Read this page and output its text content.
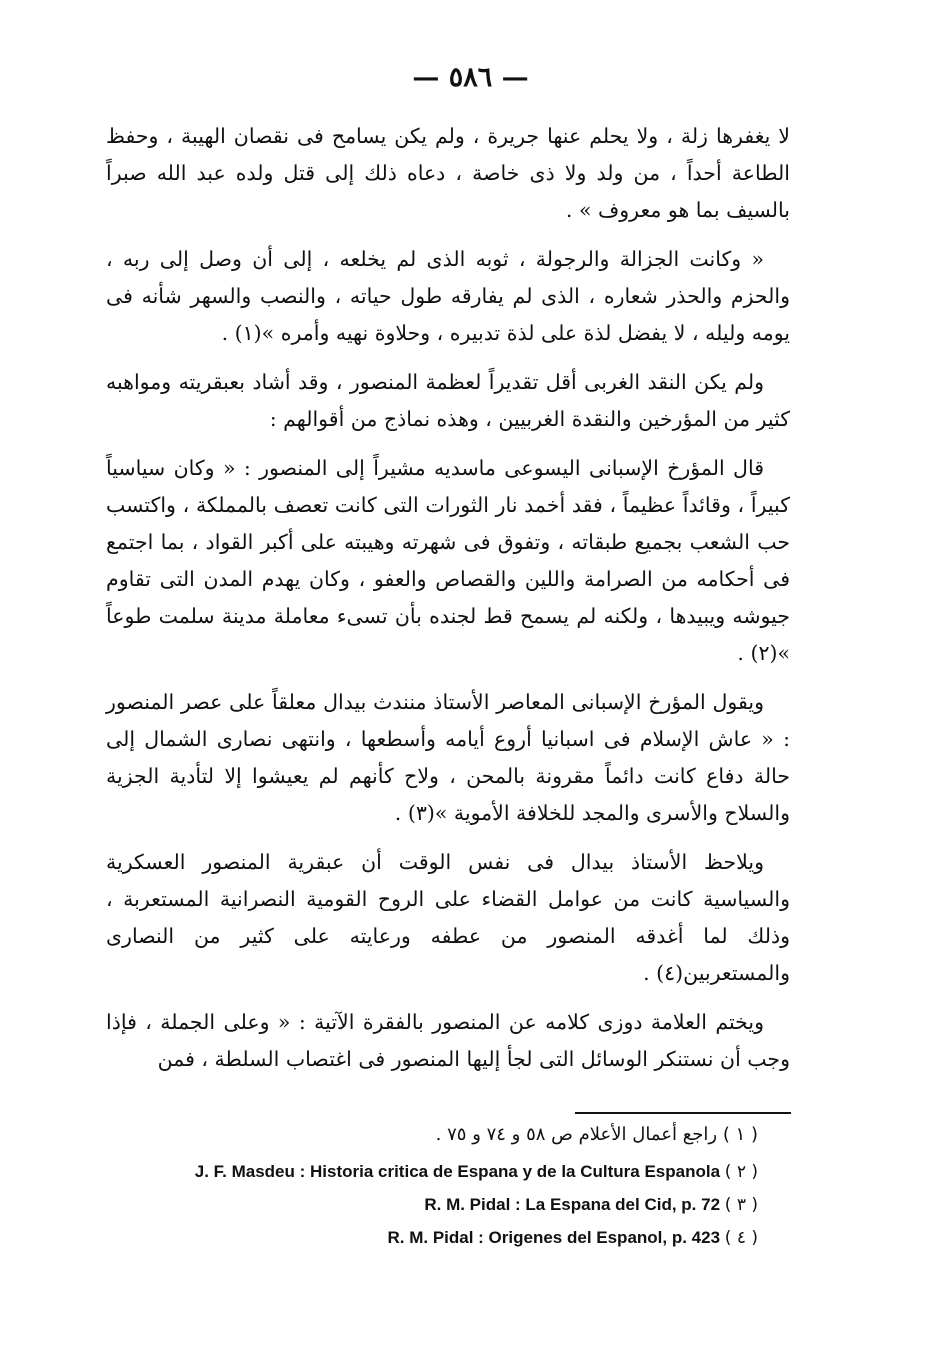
— ٥٨٦ —

لا يغفرها زلة ، ولا يحلم عنها جريرة ، ولم يكن يسامح فى نقصان الهيبة ، وحفظ الطاعة أحداً ، من ولد ولا ذى خاصة ، دعاه ذلك إلى قتل ولده عبد الله صبراً بالسيف بما هو معروف » .

« وكانت الجزالة والرجولة ، ثوبه الذى لم يخلعه ، إلى أن وصل إلى ربه ، والحزم والحذر شعاره ، الذى لم يفارقه طول حياته ، والنصب والسهر شأنه فى يومه وليله ، لا يفضل لذة على لذة تدبيره ، وحلاوة نهيه وأمره »(١) .

ولم يكن النقد الغربى أقل تقديراً لعظمة المنصور ، وقد أشاد بعبقريته ومواهبه كثير من المؤرخين والنقدة الغربيين ، وهذه نماذج من أقوالهم :

قال المؤرخ الإسبانى اليسوعى ماسديه مشيراً إلى المنصور : « وكان سياسياً كبيراً ، وقائداً عظيماً ، فقد أخمد نار الثورات التى كانت تعصف بالمملكة ، واكتسب حب الشعب بجميع طبقاته ، وتفوق فى شهرته وهيبته على أكبر القواد ، بما اجتمع فى أحكامه من الصرامة واللين والقصاص والعفو ، وكان يهدم المدن التى تقاوم جيوشه ويبيدها ، ولكنه لم يسمح قط لجنده بأن تسىء معاملة مدينة سلمت طوعاً »(٢) .

ويقول المؤرخ الإسبانى المعاصر الأستاذ منندث بيدال معلقاً على عصر المنصور : « عاش الإسلام فى اسبانيا أروع أيامه وأسطعها ، وانتهى نصارى الشمال إلى حالة دفاع كانت دائماً مقرونة بالمحن ، ولاح كأنهم لم يعيشوا إلا لتأدية الجزية والسلاح والأسرى والمجد للخلافة الأموية »(٣) .

ويلاحظ الأستاذ بيدال فى نفس الوقت أن عبقرية المنصور العسكرية والسياسية كانت من عوامل القضاء على الروح القومية النصرانية المستعربة ، وذلك لما أغدقه المنصور من عطفه ورعايته على كثير من النصارى والمستعربين(٤) .

ويختم العلامة دوزى كلامه عن المنصور بالفقرة الآتية : « وعلى الجملة ، فإذا وجب أن نستنكر الوسائل التى لجأ إليها المنصور فى اغتصاب السلطة ، فمن

( ١ ) راجع أعمال الأعلام ص ٥٨ و ٧٤ و ٧٥ .
J. F. Masdeu : Historia critica de Espana y de la Cultura Espanola ( ٢ )
R. M. Pidal : La Espana del Cid, p. 72 ( ٣ )
R. M. Pidal : Origenes del Espanol, p. 423 ( ٤ )
